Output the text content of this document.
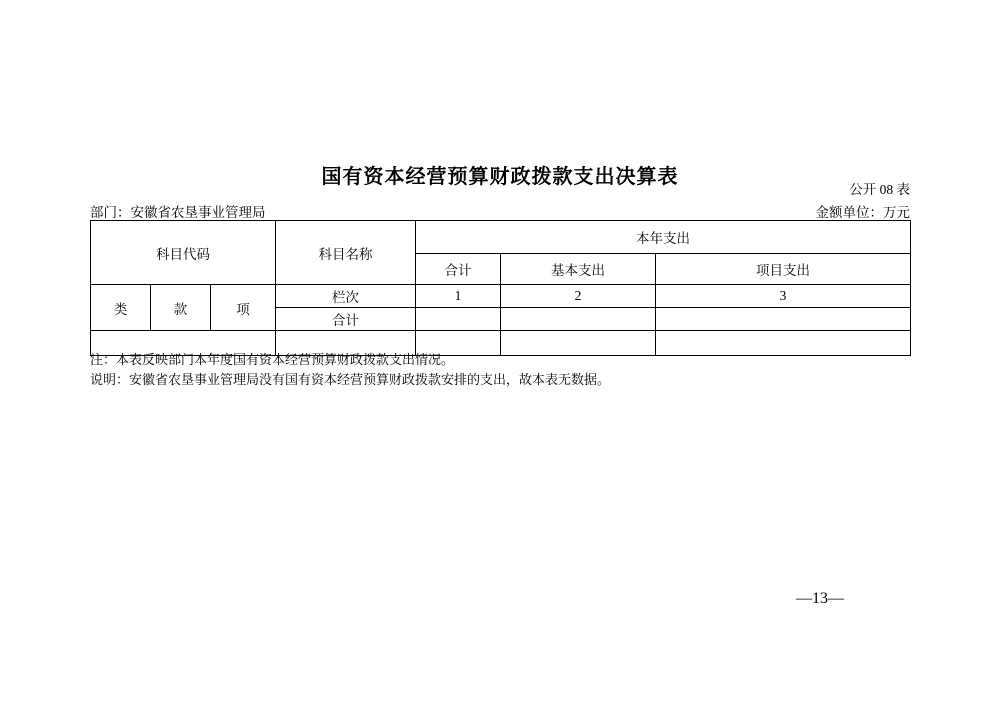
国有资本经营预算财政拨款支出决算表
公开 08 表
部门：安徽省农垦事业管理局	金额单位：万元
科目代码			科目名称	本年支出		
				合计	基本支出	项目支出
类	款	项	栏次	1	2	3
			合计			

注：本表反映部门本年度国有资本经营预算财政拨款支出情况。
说明：安徽省农垦事业管理局没有国有资本经营预算财政拨款安排的支出，故本表无数据。
—13—
